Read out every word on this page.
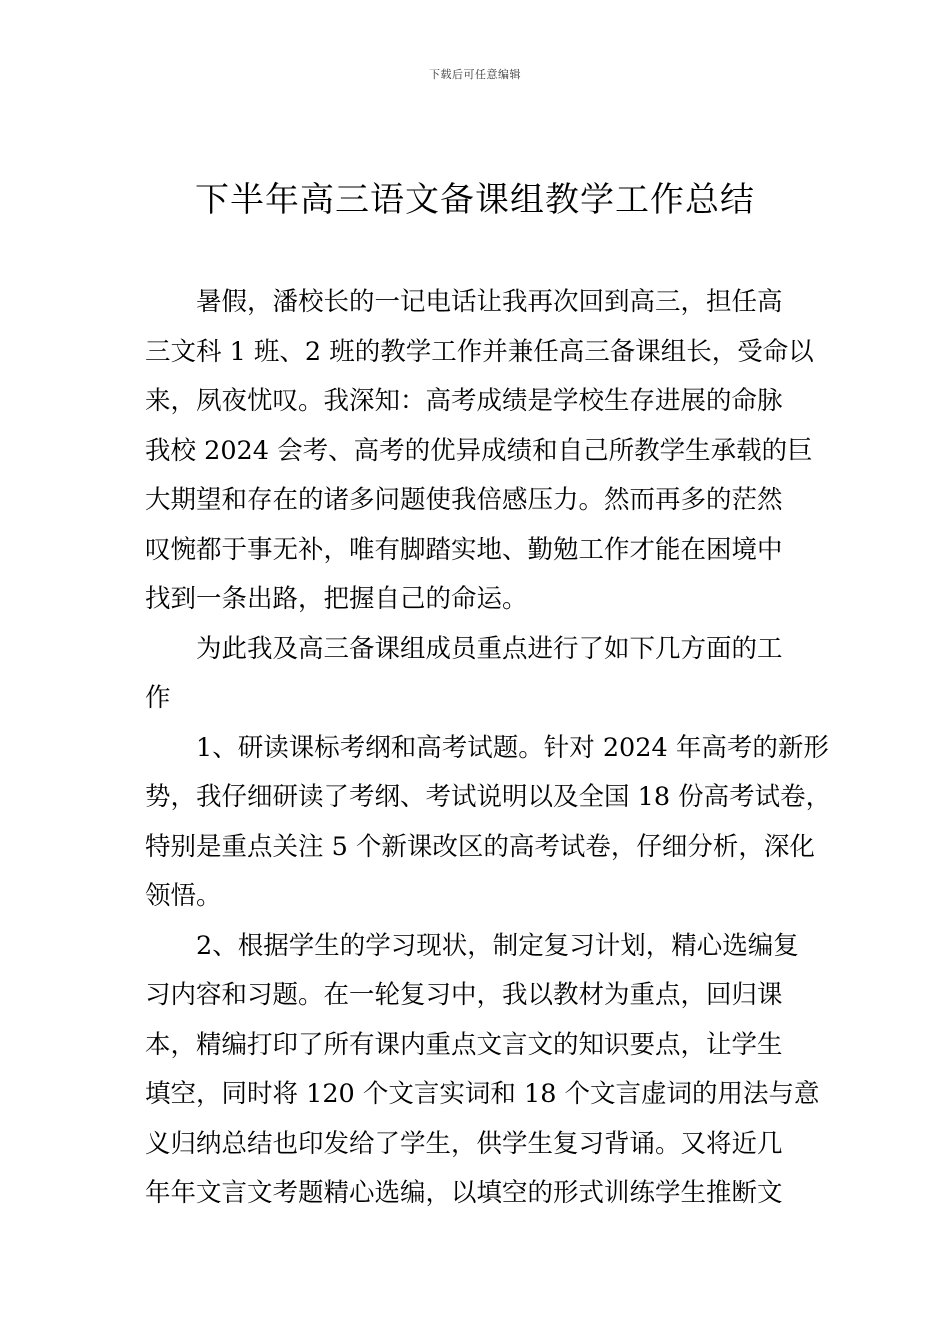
下载后可任意编辑
下半年高三语文备课组教学工作总结
暑假，潘校长的一记电话让我再次回到高三，担任高
三文科 1 班、2 班的教学工作并兼任高三备课组长，受命以
来，夙夜忧叹。我深知：高考成绩是学校生存进展的命脉
我校 2024 会考、高考的优异成绩和自己所教学生承载的巨
大期望和存在的诸多问题使我倍感压力。然而再多的茫然
叹惋都于事无补，唯有脚踏实地、勤勉工作才能在困境中
找到一条出路，把握自己的命运。
为此我及高三备课组成员重点进行了如下几方面的工
作
1、研读课标考纲和高考试题。针对 2024 年高考的新形
势，我仔细研读了考纲、考试说明以及全国 18 份高考试卷，
特别是重点关注 5 个新课改区的高考试卷，仔细分析，深化
领悟。
2、根据学生的学习现状，制定复习计划，精心选编复
习内容和习题。在一轮复习中，我以教材为重点，回归课
本，精编打印了所有课内重点文言文的知识要点，让学生
填空，同时将 120 个文言实词和 18 个文言虚词的用法与意
义归纳总结也印发给了学生，供学生复习背诵。又将近几
年年文言文考题精心选编，以填空的形式训练学生推断文
